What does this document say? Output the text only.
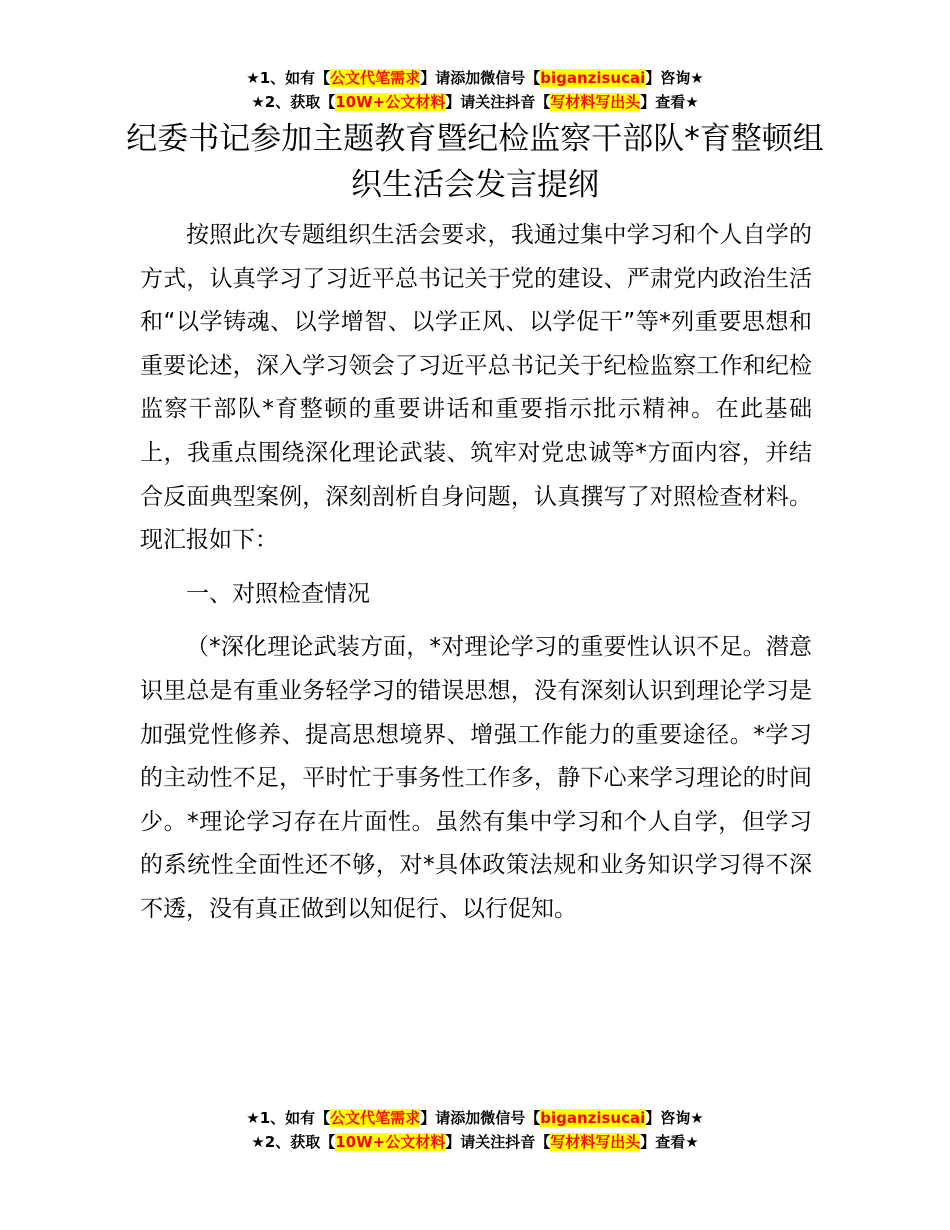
★1、如有【公文代笔需求】请添加微信号【biganzisucai】咨询★
★2、获取【10W+公文材料】请关注抖音【写材料写出头】查看★
纪委书记参加主题教育暨纪检监察干部队*育整顿组织生活会发言提纲

按照此次专题组织生活会要求，我通过集中学习和个人自学的方式，认真学习了习近平总书记关于党的建设、严肃党内政治生活和“以学铸魂、以学增智、以学正风、以学促干”等*列重要思想和重要论述，深入学习领会了习近平总书记关于纪检监察工作和纪检监察干部队*育整顿的重要讲话和重要指示批示精神。在此基础上，我重点围绕深化理论武装、筑牢对党忠诚等*方面内容，并结合反面典型案例，深刻剖析自身问题，认真撰写了对照检查材料。现汇报如下：

一、对照检查情况

（*深化理论武装方面，*对理论学习的重要性认识不足。潜意识里总是有重业务轻学习的错误思想，没有深刻认识到理论学习是加强党性修养、提高思想境界、增强工作能力的重要途径。*学习的主动性不足，平时忙于事务性工作多，静下心来学习理论的时间少。*理论学习存在片面性。虽然有集中学习和个人自学，但学习的系统性全面性还不够，对*具体政策法规和业务知识学习得不深不透，没有真正做到以知促行、以行促知。

★1、如有【公文代笔需求】请添加微信号【biganzisucai】咨询★
★2、获取【10W+公文材料】请关注抖音【写材料写出头】查看★
